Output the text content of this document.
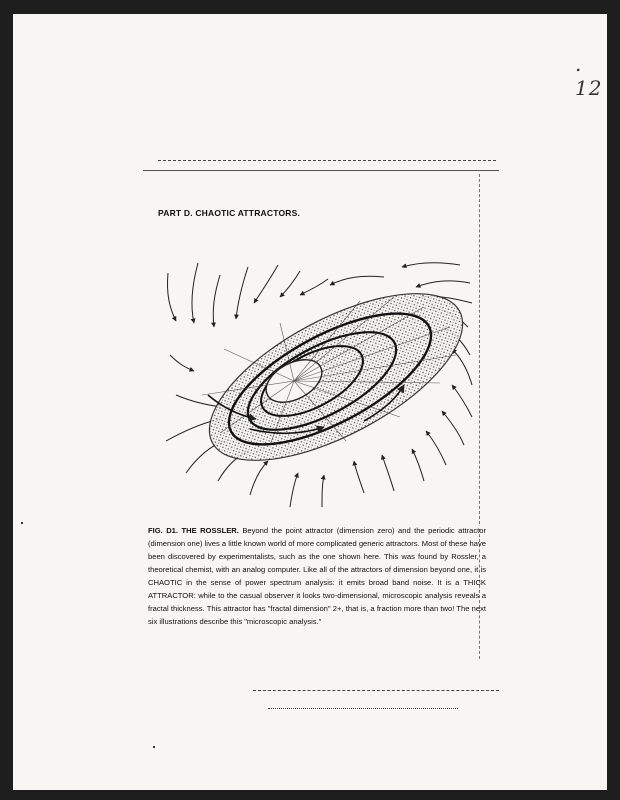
. 12
PART D. CHAOTIC ATTRACTORS.
FIG. D1. THE ROSSLER. Beyond the point attractor (dimension zero) and the periodic attractor (dimension one) lives a little known world of more complicated generic attractors. Most of these have been discovered by experimentalists, such as the one shown here. This was found by Rossler, a theoretical chemist, with an analog computer. Like all of the attractors of dimension beyond one, it is CHAOTIC in the sense of power spectrum analysis: it emits broad band noise. It is a THICK ATTRACTOR: while to the casual observer it looks two-dimensional, microscopic analysis reveals a fractal thickness. This attractor has "fractal dimension" 2+, that is, a fraction more than two! The next six illustrations describe this "microscopic analysis."
